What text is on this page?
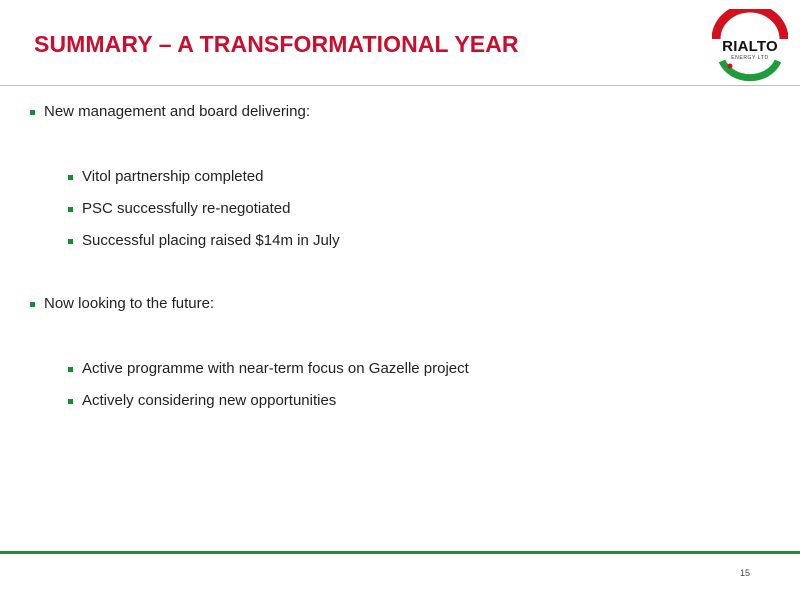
SUMMARY – A TRANSFORMATIONAL YEAR	RIALTO
ENERGY LTD
New management and board delivering:
Vitol partnership completed
PSC successfully re-negotiated
Successful placing raised $14m in July
Now looking to the future:
Active programme with near-term focus on Gazelle project
Actively considering new opportunities
15
